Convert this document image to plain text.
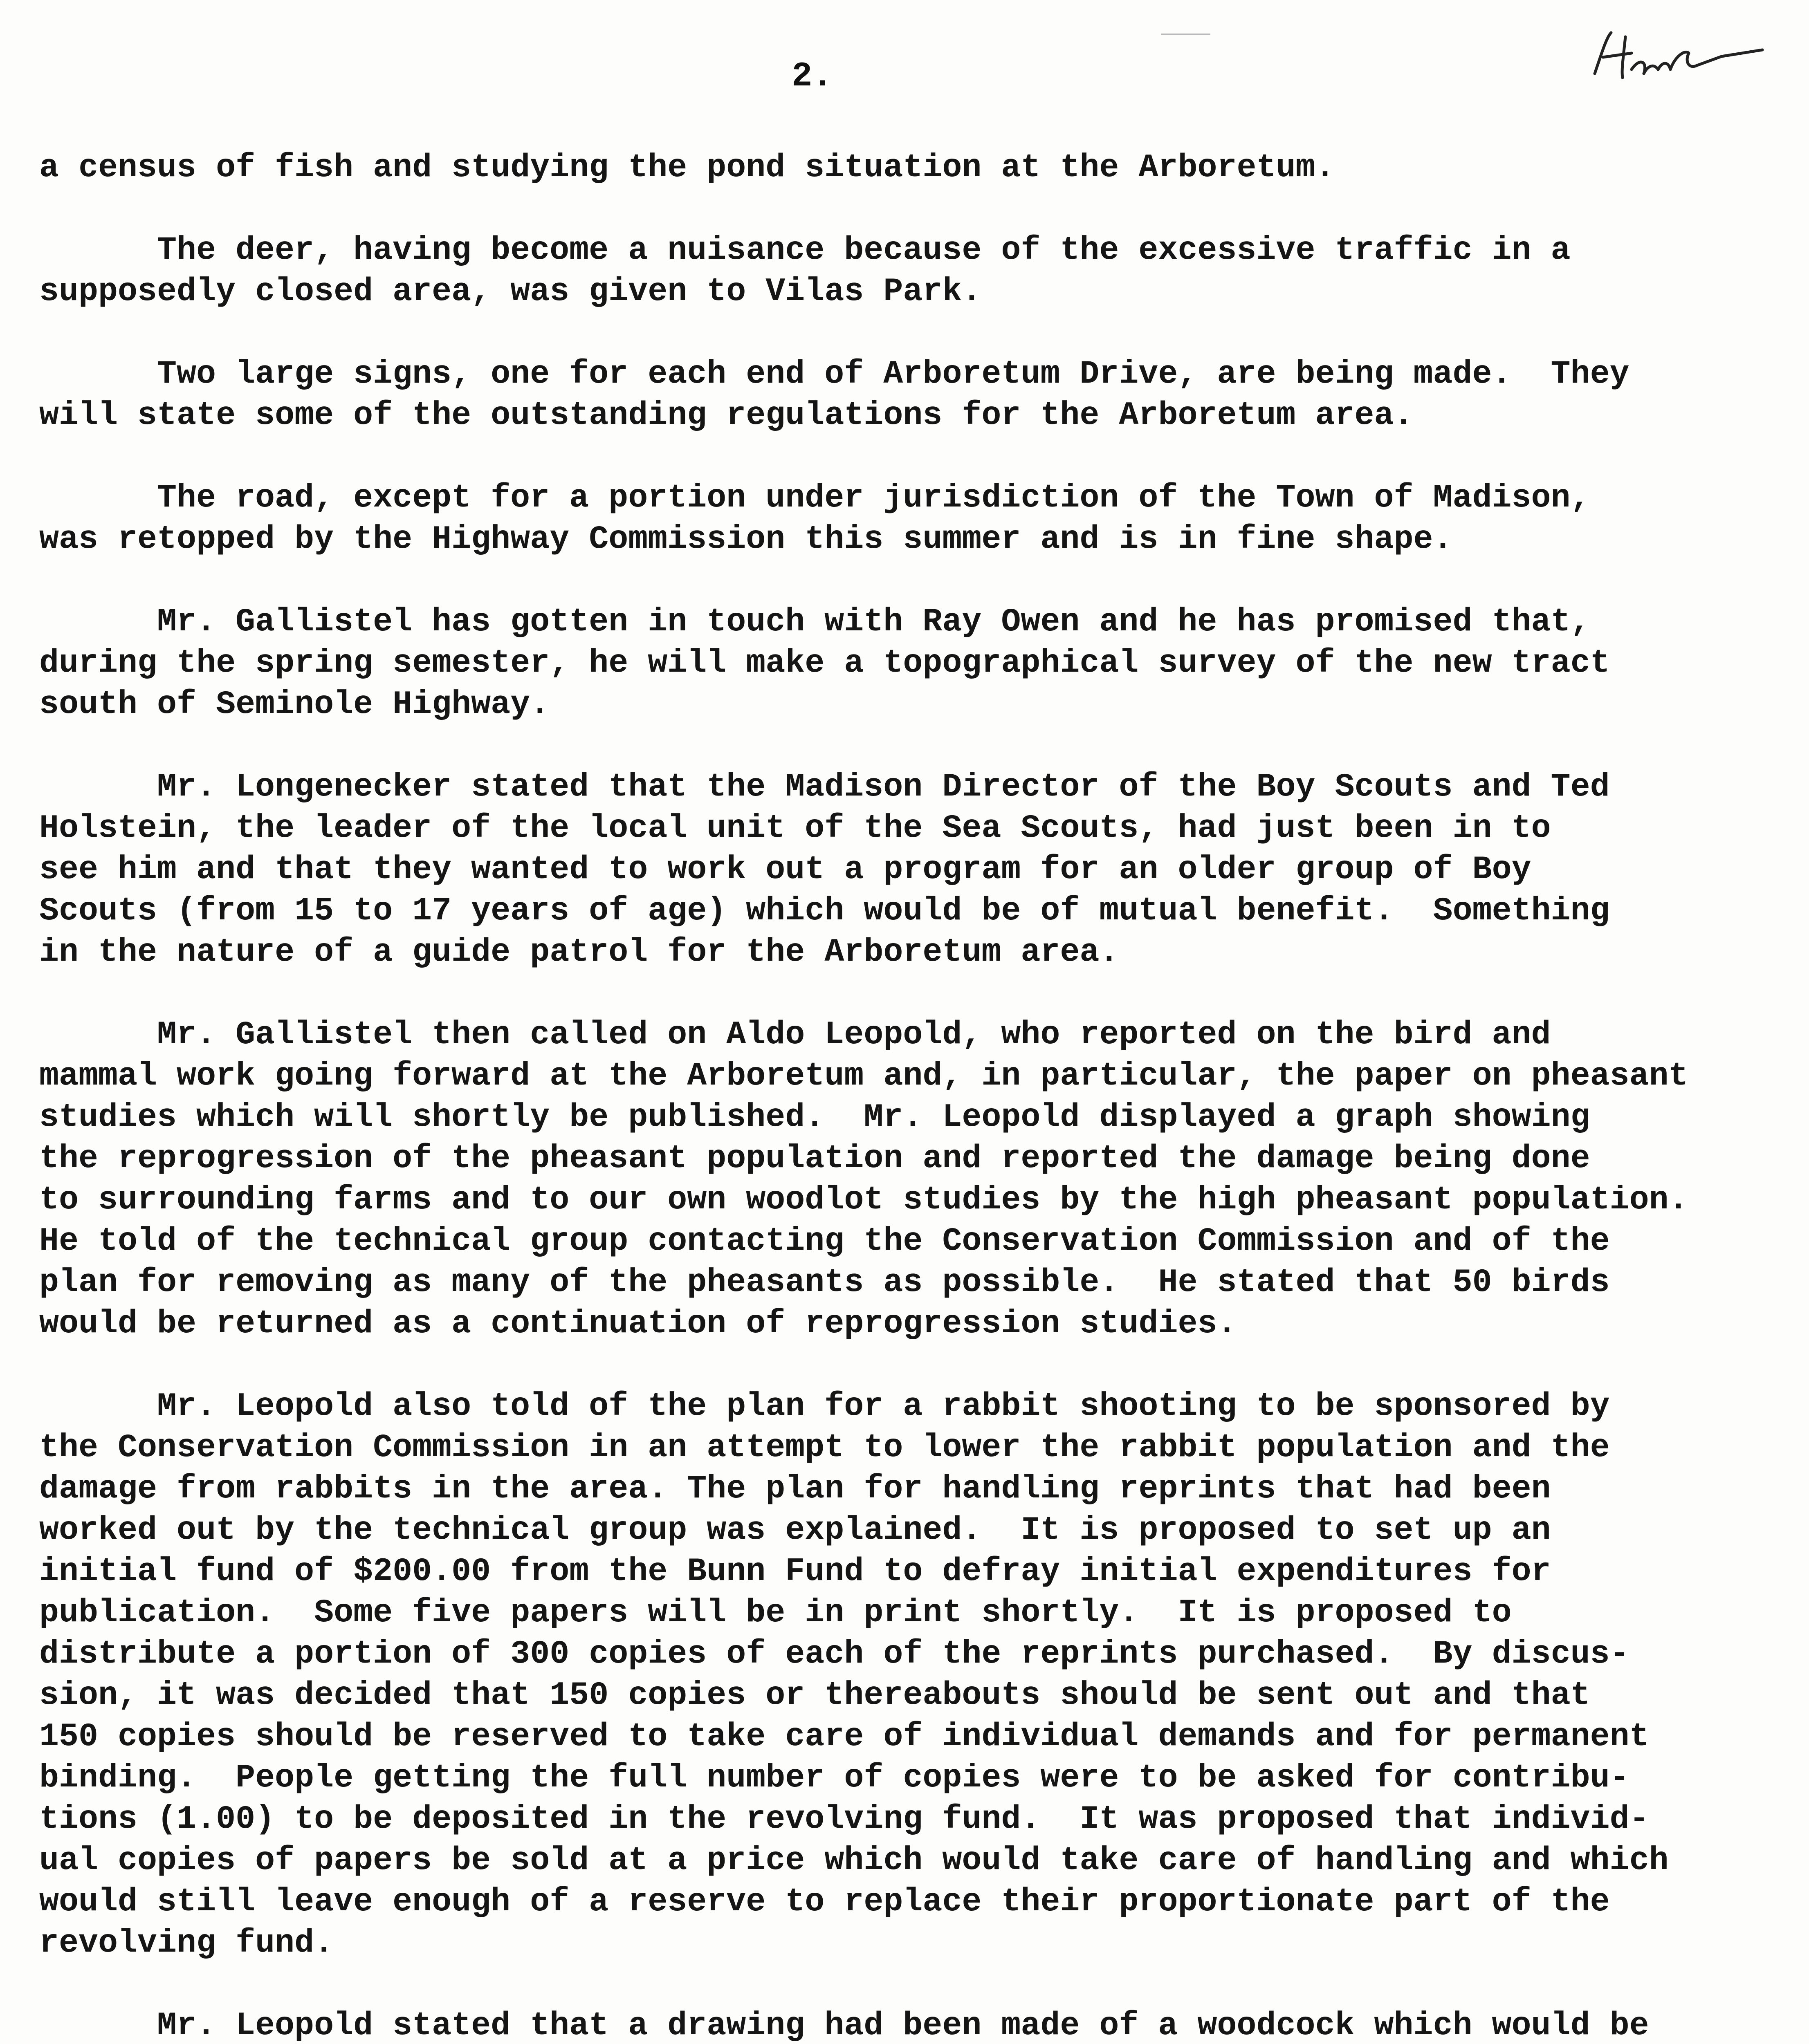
2.
a census of fish and studying the pond situation at the Arboretum.
The deer, having become a nuisance because of the excessive traffic in a
supposedly closed area, was given to Vilas Park.
Two large signs, one for each end of Arboretum Drive, are being made.  They
will state some of the outstanding regulations for the Arboretum area.
The road, except for a portion under jurisdiction of the Town of Madison,
was retopped by the Highway Commission this summer and is in fine shape.
Mr. Gallistel has gotten in touch with Ray Owen and he has promised that,
during the spring semester, he will make a topographical survey of the new tract
south of Seminole Highway.
Mr. Longenecker stated that the Madison Director of the Boy Scouts and Ted
Holstein, the leader of the local unit of the Sea Scouts, had just been in to
see him and that they wanted to work out a program for an older group of Boy
Scouts (from 15 to 17 years of age) which would be of mutual benefit.  Something
in the nature of a guide patrol for the Arboretum area.
Mr. Gallistel then called on Aldo Leopold, who reported on the bird and
mammal work going forward at the Arboretum and, in particular, the paper on pheasant
studies which will shortly be published.  Mr. Leopold displayed a graph showing
the reprogression of the pheasant population and reported the damage being done
to surrounding farms and to our own woodlot studies by the high pheasant population.
He told of the technical group contacting the Conservation Commission and of the
plan for removing as many of the pheasants as possible.  He stated that 50 birds
would be returned as a continuation of reprogression studies.
Mr. Leopold also told of the plan for a rabbit shooting to be sponsored by
the Conservation Commission in an attempt to lower the rabbit population and the
damage from rabbits in the area. The plan for handling reprints that had been
worked out by the technical group was explained.  It is proposed to set up an
initial fund of $200.00 from the Bunn Fund to defray initial expenditures for
publication.  Some five papers will be in print shortly.  It is proposed to
distribute a portion of 300 copies of each of the reprints purchased.  By discus-
sion, it was decided that 150 copies or thereabouts should be sent out and that
150 copies should be reserved to take care of individual demands and for permanent
binding.  People getting the full number of copies were to be asked for contribu-
tions (1.00) to be deposited in the revolving fund.  It was proposed that individ-
ual copies of papers be sold at a price which would take care of handling and which
would still leave enough of a reserve to replace their proportionate part of the
revolving fund.
Mr. Leopold stated that a drawing had been made of a woodcock which would be
